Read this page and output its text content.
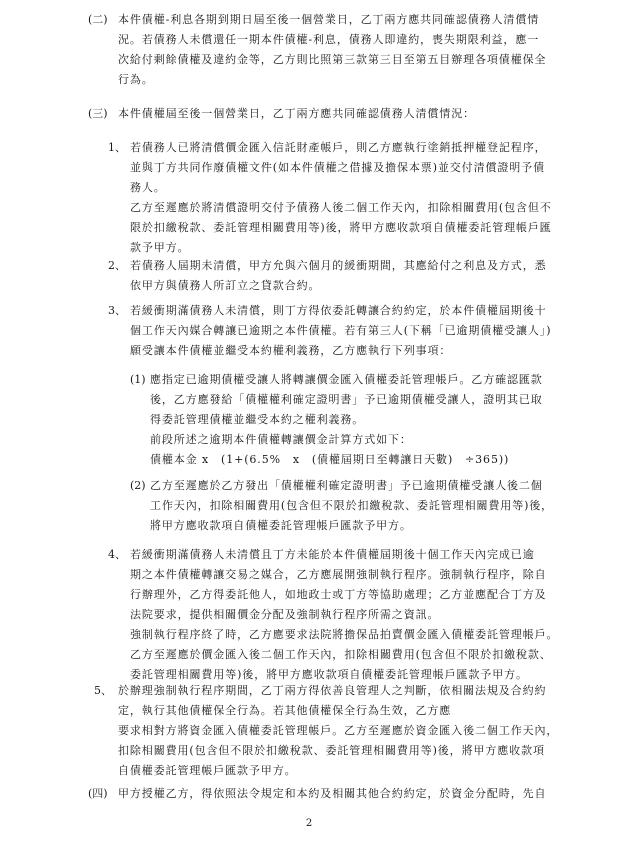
(二) 本件債權-利息各期到期日屆至後一個營業日，乙丁兩方應共同確認債務人清償情
況。若債務人未償還任一期本件債權-利息，債務人即違約，喪失期限利益，應一
次給付剩餘債權及違約金等，乙方則比照第三款第三目至第五目辦理各項債權保全
行為。
(三) 本件債權屆至後一個營業日，乙丁兩方應共同確認債務人清償情況：
1、 若債務人已將清償價金匯入信託財產帳戶，則乙方應執行塗銷抵押權登記程序，
並與丁方共同作廢債權文件(如本件債權之借據及擔保本票)並交付清償證明予債
務人。
乙方至遲應於將清償證明交付予債務人後二個工作天內，扣除相關費用(包含但不
限於扣繳稅款、委託管理相關費用等)後，將甲方應收款項自債權委託管理帳戶匯
款予甲方。
2、 若債務人屆期未清償，甲方允與六個月的緩衝期間，其應給付之利息及方式，悉
依甲方與債務人所訂立之貸款合約。
3、 若緩衝期滿債務人未清償，則丁方得依委託轉讓合約約定，於本件債權屆期後十
個工作天內媒合轉讓已逾期之本件債權。若有第三人(下稱「已逾期債權受讓人」)
願受讓本件債權並繼受本約權利義務，乙方應執行下列事項：
(1) 應指定已逾期債權受讓人將轉讓價金匯入債權委託管理帳戶。乙方確認匯款
後，乙方應發給「債權權利確定證明書」予已逾期債權受讓人，證明其已取
得委託管理債權並繼受本約之權利義務。
前段所述之逾期本件債權轉讓價金計算方式如下：
債權本金 x　(1+(6.5%　x　(債權屆期日至轉讓日天數)　÷365))
(2) 乙方至遲應於乙方發出「債權權利確定證明書」予已逾期債權受讓人後二個
工作天內，扣除相關費用(包含但不限於扣繳稅款、委託管理相關費用等)後，
將甲方應收款項自債權委託管理帳戶匯款予甲方。
4、 若緩衝期滿債務人未清償且丁方未能於本件債權屆期後十個工作天內完成已逾
期之本件債權轉讓交易之媒合，乙方應展開強制執行程序。強制執行程序，除自
行辦理外，乙方得委託他人，如地政士或丁方等協助處理；乙方並應配合丁方及
法院要求，提供相關價金分配及強制執行程序所需之資訊。
強制執行程序終了時，乙方應要求法院將擔保品拍賣價金匯入債權委託管理帳戶。
乙方至遲應於價金匯入後二個工作天內，扣除相關費用(包含但不限於扣繳稅款、
委託管理相關費用等)後，將甲方應收款項自債權委託管理帳戶匯款予甲方。
5、 於辦理強制執行程序期間，乙丁兩方得依善良管理人之判斷，依相關法規及合約約
定，執行其他債權保全行為。若其他債權保全行為生效，乙方應
要求相對方將資金匯入債權委託管理帳戶。乙方至遲應於資金匯入後二個工作天內，
扣除相關費用(包含但不限於扣繳稅款、委託管理相關費用等)後，將甲方應收款項
自債權委託管理帳戶匯款予甲方。
(四) 甲方授權乙方，得依照法令規定和本約及相關其他合約約定，於資金分配時，先自
2
